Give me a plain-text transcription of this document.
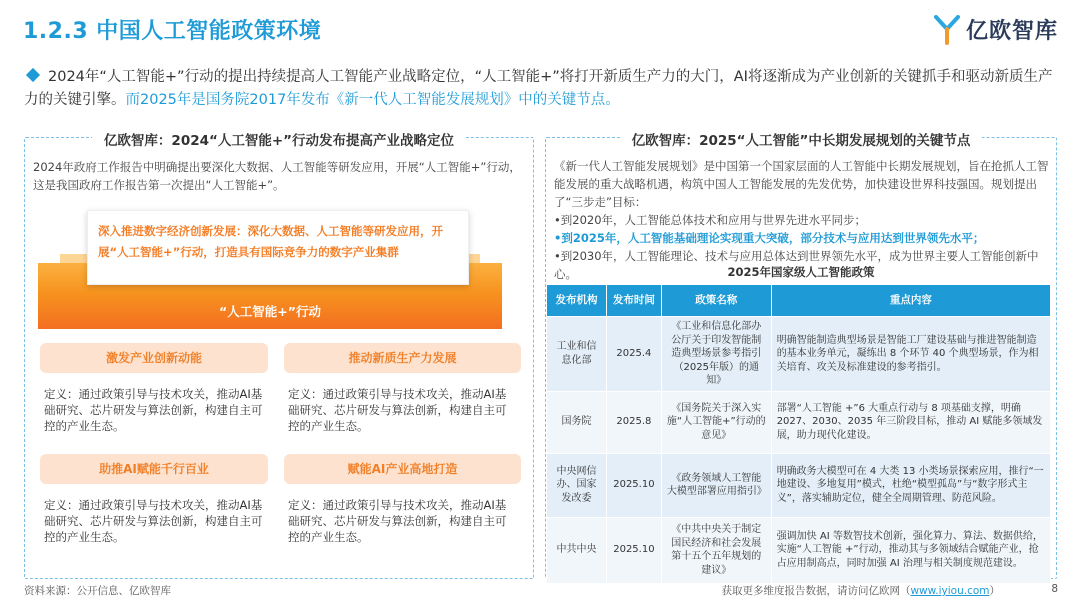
1.2.3 中国人工智能政策环境	亿欧智库
2024年“人工智能+”行动的提出持续提高人工智能产业战略定位，“人工智能+”将打开新质生产力的大门，AI将逐渐成为产业创新的关键抓手和驱动新质生产力的关键引擎。而2025年是国务院2017年发布《新一代人工智能发展规划》中的关键节点。
亿欧智库：2024“人工智能+”行动发布提高产业战略定位
2024年政府工作报告中明确提出要深化大数据、人工智能等研发应用，开展“人工智能+”行动，这是我国政府工作报告第一次提出“人工智能+”。
深入推进数字经济创新发展：深化大数据、人工智能等研发应用，开展“人工智能+”行动，打造具有国际竞争力的数字产业集群
“人工智能+”行动
激发产业创新动能	推动新质生产力发展
定义：通过政策引导与技术攻关，推动AI基础研究、芯片研发与算法创新，构建自主可控的产业生态。
定义：通过政策引导与技术攻关，推动AI基础研究、芯片研发与算法创新，构建自主可控的产业生态。
助推AI赋能千行百业	赋能AI产业高地打造
定义：通过政策引导与技术攻关，推动AI基础研究、芯片研发与算法创新，构建自主可控的产业生态。
定义：通过政策引导与技术攻关，推动AI基础研究、芯片研发与算法创新，构建自主可控的产业生态。
亿欧智库：2025“人工智能”中长期发展规划的关键节点

《新一代人工智能发展规划》是中国第一个国家层面的人工智能中长期发展规划，旨在抢抓人工智能发展的重大战略机遇，构筑中国人工智能发展的先发优势，加快建设世界科技强国。规划提出了“三步走”目标：

•到2020年，人工智能总体技术和应用与世界先进水平同步；

•到2025年，人工智能基础理论实现重大突破，部分技术与应用达到世界领先水平；

•到2030年，人工智能理论、技术与应用总体达到世界领先水平，成为世界主要人工智能创新中心。	2025年国家级人工智能政策
发布机构	发布时间	政策名称	重点内容
工业和信息化部	2025.4	《工业和信息化部办公厅关于印发智能制造典型场景参考指引（2025年版）的通知》	明确智能制造典型场景是智能工厂建设基础与推进智能制造的基本业务单元，凝练出 8 个环节 40 个典型场景，作为相关培育、攻关及标准建设的参考指引。
国务院	2025.8	《国务院关于深入实施“人工智能+”行动的意见》	部署“人工智能 +”6 大重点行动与 8 项基础支撑，明确 2027、2030、2035 年三阶段目标，推动 AI 赋能多领域发展，助力现代化建设。
中央网信办、国家发改委	2025.10	《政务领域人工智能大模型部署应用指引》	明确政务大模型可在 4 大类 13 小类场景探索应用，推行“一地建设、多地复用”模式，杜绝“模型孤岛”与“数字形式主义”，落实辅助定位，健全全周期管理、防范风险。
中共中央	2025.10	《中共中央关于制定国民经济和社会发展第十五个五年规划的建议》	强调加快 AI 等数智技术创新，强化算力、算法、数据供给，实施“人工智能 +”行动，推动其与多领域结合赋能产业，抢占应用制高点，同时加强 AI 治理与相关制度规范建设。
资料来源：公开信息、亿欧智库	获取更多维度报告数据，请访问亿欧网（www.iyiou.com）	8
